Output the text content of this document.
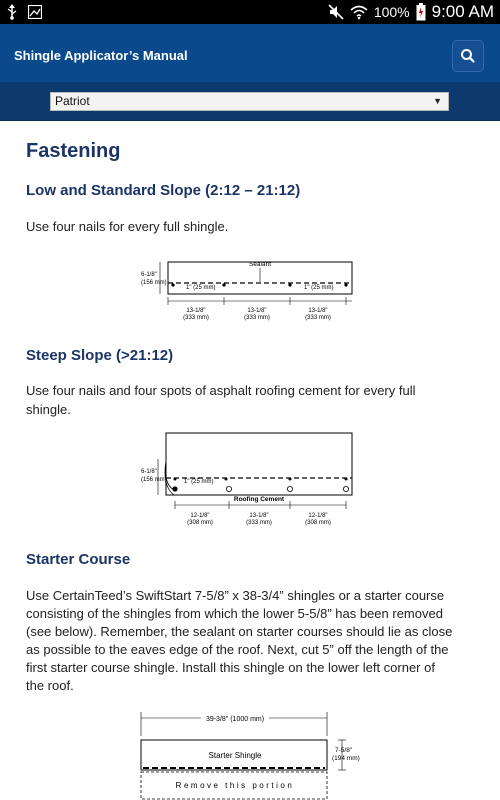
100% 9:00 AM
Shingle Applicator’s Manual
Patriot	▼
Fastening
Low and Standard Slope (2:12 – 21:12)

Use four nails for every full shingle.

Sealant
1" (25 mm)	1" (25 mm)
6-1/8"
(156 mm)
13-1/8"
(333 mm)
13-1/8"
(333 mm)
13-1/8"
(333 mm)
Steep Slope (>21:12)

Use four nails and four spots of asphalt roofing cement for every full

shingle.

1" (25 mm)
6-1/8"
(156 mm)
Roofing Cement
12-1/8"
(308 mm)
13-1/8"
(333 mm)
12-1/8"
(308 mm)
Starter Course

Use CertainTeed’s SwiftStart 7-5/8” x 38-3/4” shingles or a starter course

consisting of the shingles from which the lower 5-5/8” has been removed

(see below). Remember, the sealant on starter courses should lie as close

as possible to the eaves edge of the roof. Next, cut 5” off the length of the

first starter course shingle. Install this shingle on the lower left corner of

the roof.

39-3/8" (1000 mm)
Starter Shingle
7-5/8"
(194 mm)
Remove this portion
